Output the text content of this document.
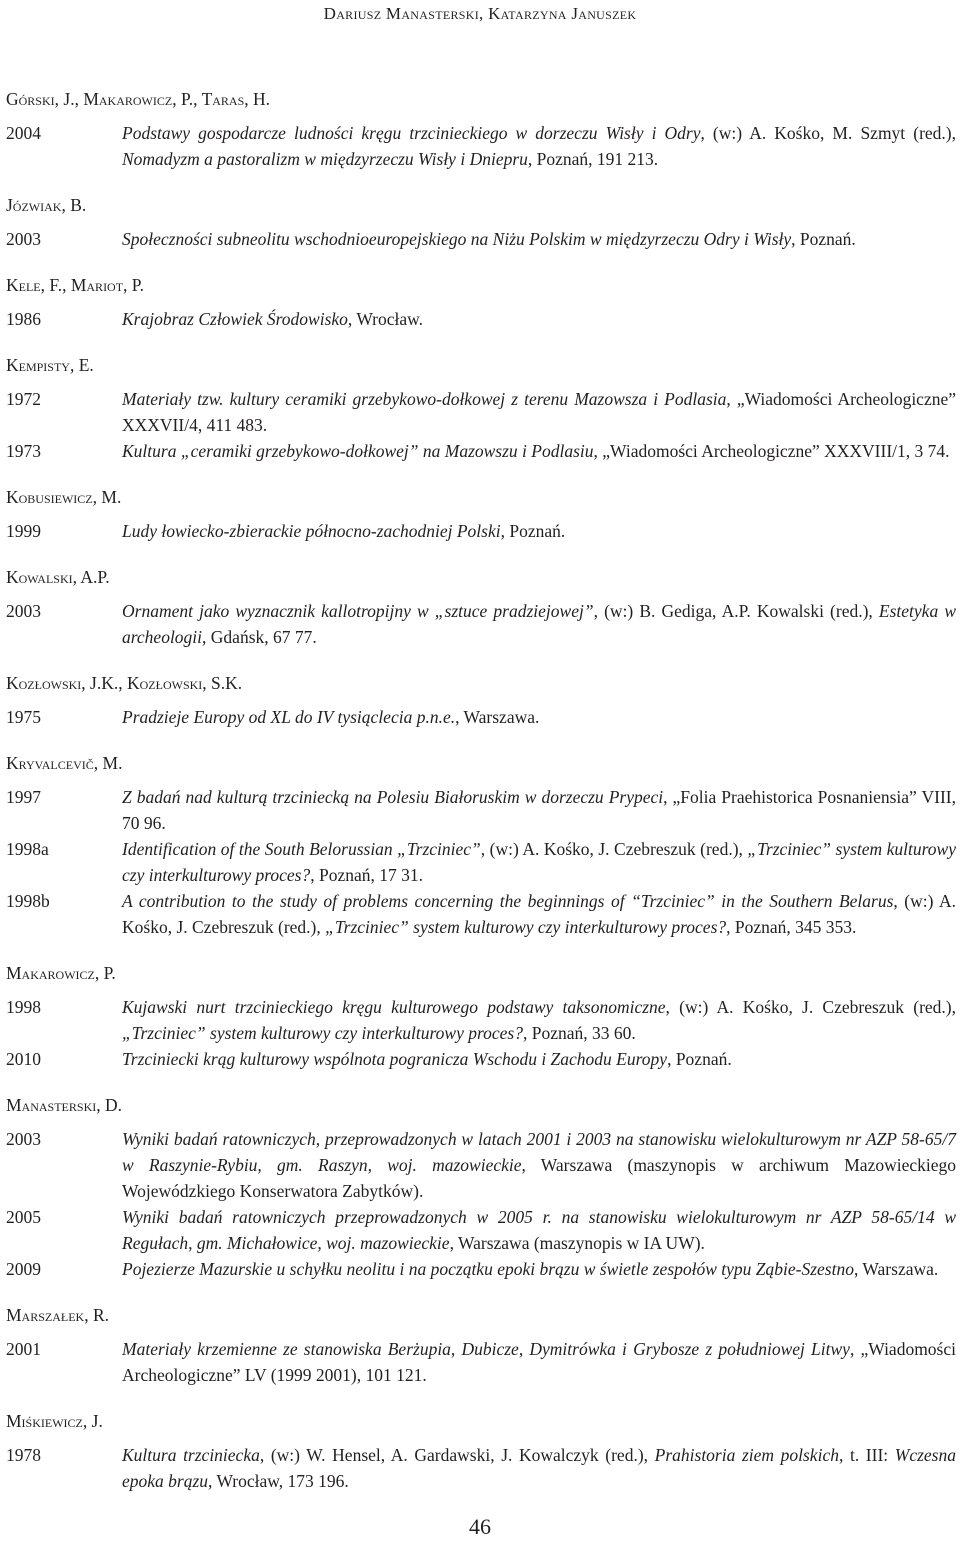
Dariusz Manasterski, Katarzyna Januszek
Górski, J., Makarowicz, P., Taras, H.
2004	Podstawy gospodarcze ludności kręgu trzcinieckiego w dorzeczu Wisły i Odry, (w:) A. Kośko, M. Szmyt (red.), Nomadyzm a pastoralizm w międzyrzeczu Wisły i Dniepru, Poznań, 191 213.
Józwiak, B.
2003	Społeczności subneolitu wschodnioeuropejskiego na Niżu Polskim w międzyrzeczu Odry i Wisły, Poznań.
Kele, F., Mariot, P.
1986	Krajobraz Człowiek Środowisko, Wrocław.
Kempisty, E.
1972	Materiały tzw. kultury ceramiki grzebykowo-dołkowej z terenu Mazowsza i Podlasia, „Wiadomości Archeologiczne” XXXVII/4, 411 483.
1973	Kultura „ceramiki grzebykowo-dołkowej” na Mazowszu i Podlasiu, „Wiadomości Archeologiczne” XXXVIII/1, 3 74.
Kobusiewicz, M.
1999	Ludy łowiecko-zbierackie północno-zachodniej Polski, Poznań.
Kowalski, A.P.
2003	Ornament jako wyznacznik kallotropijny w „sztuce pradziejowej”, (w:) B. Gediga, A.P. Kowalski (red.), Estetyka w archeologii, Gdańsk, 67 77.
Kozłowski, J.K., Kozłowski, S.K.
1975	Pradzieje Europy od XL do IV tysiąclecia p.n.e., Warszawa.
Kryvalcevič, M.
1997	Z badań nad kulturą trzciniecką na Polesiu Białoruskim w dorzeczu Prypeci, „Folia Praehistorica Posnaniensia” VIII, 70 96.
1998a	Identification of the South Belorussian „Trzciniec”, (w:) A. Kośko, J. Czebreszuk (red.), „Trzciniec” system kulturowy czy interkulturowy proces?, Poznań, 17 31.
1998b	A contribution to the study of problems concerning the beginnings of “Trzciniec” in the Southern Belarus, (w:) A. Kośko, J. Czebreszuk (red.), „Trzciniec” system kulturowy czy interkulturowy proces?, Poznań, 345 353.
Makarowicz, P.
1998	Kujawski nurt trzcinieckiego kręgu kulturowego podstawy taksonomiczne, (w:) A. Kośko, J. Czebreszuk (red.), „Trzciniec” system kulturowy czy interkulturowy proces?, Poznań, 33 60.
2010	Trzciniecki krąg kulturowy wspólnota pogranicza Wschodu i Zachodu Europy, Poznań.
Manasterski, D.
2003	Wyniki badań ratowniczych, przeprowadzonych w latach 2001 i 2003 na stanowisku wielokulturowym nr AZP 58-65/7 w Raszynie-Rybiu, gm. Raszyn, woj. mazowieckie, Warszawa (maszynopis w archiwum Mazowieckiego Wojewódzkiego Konserwatora Zabytków).
2005	Wyniki badań ratowniczych przeprowadzonych w 2005 r. na stanowisku wielokulturowym nr AZP 58-65/14 w Regułach, gm. Michałowice, woj. mazowieckie, Warszawa (maszynopis w IA UW).
2009	Pojezierze Mazurskie u schyłku neolitu i na początku epoki brązu w świetle zespołów typu Ząbie-Szestno, Warszawa.
Marszałek, R.
2001	Materiały krzemienne ze stanowiska Berżupia, Dubicze, Dymitrówka i Grybosze z południowej Litwy, „Wiadomości Archeologiczne” LV (1999 2001), 101 121.
Miśkiewicz, J.
1978	Kultura trzciniecka, (w:) W. Hensel, A. Gardawski, J. Kowalczyk (red.), Prahistoria ziem polskich, t. III: Wczesna epoka brązu, Wrocław, 173 196.
46
